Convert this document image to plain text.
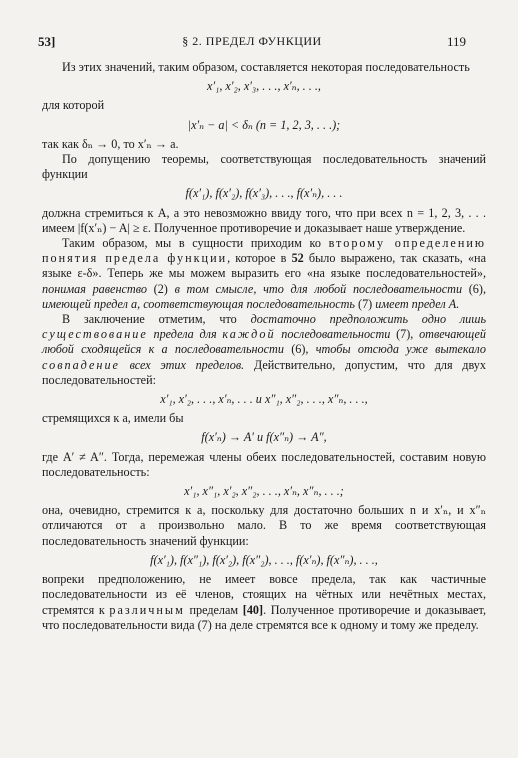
53]	§ 2. ПРЕДЕЛ ФУНКЦИИ	119

Из этих значений, таким образом, составляется некоторая последовательность

x′₁, x′₂, x′₃, . . ., x′ₙ, . . .,

для которой

|x′ₙ − a| < δₙ (n = 1, 2, 3, . . .);

так как δₙ → 0, то x′ₙ → a.

По допущению теоремы, соответствующая последовательность значений функции

f(x′₁), f(x′₂), f(x′₃), . . ., f(x′ₙ), . . .

должна стремиться к A, а это невозможно ввиду того, что при всех n = 1, 2, 3, . . . имеем |f(x′ₙ) − A| ≥ ε. Полученное противоречие и доказывает наше утверждение.

Таким образом, мы в сущности приходим ко второму определению понятия предела функции, которое в 52 было выражено, так сказать, «на языке ε-δ». Теперь же мы можем выразить его «на языке последовательностей», понимая равенство (2) в том смысле, что для любой последовательности (6), имеющей предел a, соответствующая последовательность (7) имеет предел A.

В заключение отметим, что достаточно предположить одно лишь существование предела для каждой последовательности (7), отвечающей любой сходящейся к a последовательности (6), чтобы отсюда уже вытекало совпадение всех этих пределов. Действительно, допустим, что для двух последовательностей:

x′₁, x′₂, . . ., x′ₙ, . . . и x″₁, x″₂, . . ., x″ₙ, . . .,

стремящихся к a, имели бы

f(x′ₙ) → A′ и f(x″ₙ) → A″,

где A′ ≠ A″. Тогда, перемежая члены обеих последовательностей, составим новую последовательность:

x′₁, x″₁, x′₂, x″₂, . . ., x′ₙ, x″ₙ, . . .;

она, очевидно, стремится к a, поскольку для достаточно больших n и x′ₙ, и x″ₙ отличаются от a произвольно мало. В то же время соответствующая последовательность значений функции:

f(x′₁), f(x″₁), f(x′₂), f(x″₂), . . ., f(x′ₙ), f(x″ₙ), . . .,

вопреки предположению, не имеет вовсе предела, так как частичные последовательности из её членов, стоящих на чётных или нечётных местах, стремятся к различным пределам [40]. Полученное противоречие и доказывает, что последовательности вида (7) на деле стремятся все к одному и тому же пределу.
